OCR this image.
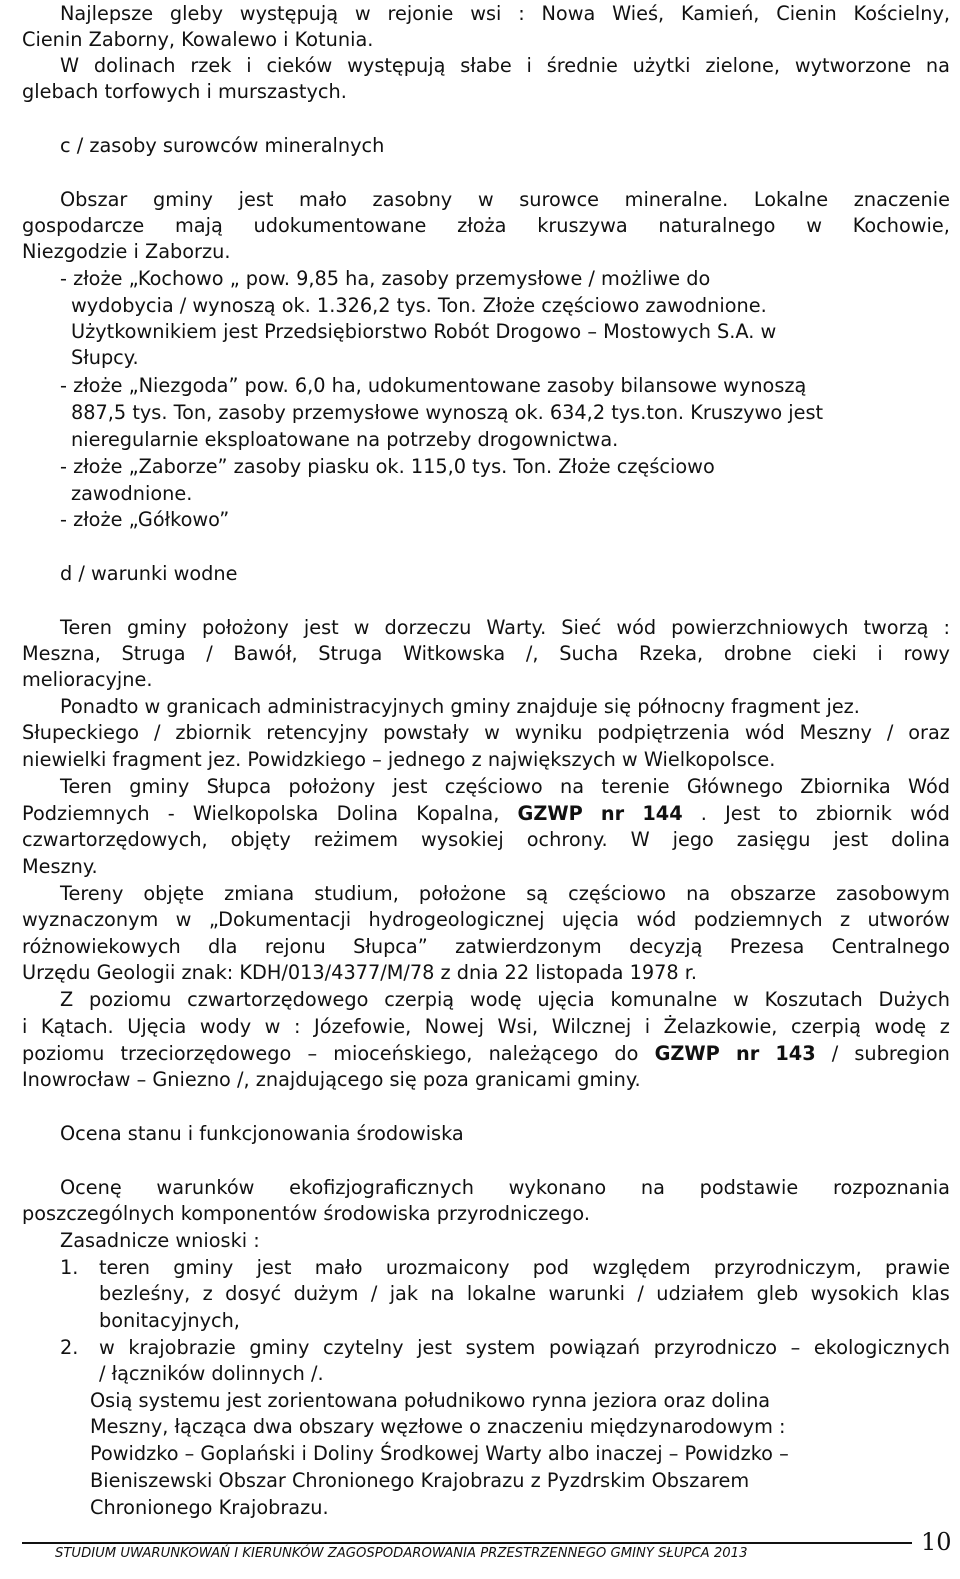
Najlepsze gleby występują w rejonie wsi : Nowa Wieś, Kamień, Cienin Kościelny,
Cienin Zaborny, Kowalewo i Kotunia.
W dolinach rzek i cieków występują słabe i średnie użytki zielone, wytworzone na
glebach torfowych i murszastych.
c / zasoby surowców mineralnych
Obszar gminy jest mało zasobny w surowce mineralne. Lokalne znaczenie
gospodarcze mają udokumentowane złoża kruszywa naturalnego w Kochowie,
Niezgodzie i Zaborzu.
- złoże „Kochowo „ pow. 9,85 ha, zasoby przemysłowe / możliwe do
wydobycia / wynoszą ok. 1.326,2 tys. Ton. Złoże częściowo zawodnione.
Użytkownikiem jest Przedsiębiorstwo Robót Drogowo – Mostowych S.A. w
Słupcy.
- złoże „Niezgoda” pow. 6,0 ha, udokumentowane zasoby bilansowe wynoszą
887,5 tys. Ton, zasoby przemysłowe wynoszą ok. 634,2 tys.ton. Kruszywo jest
nieregularnie eksploatowane na potrzeby drogownictwa.
- złoże „Zaborze” zasoby piasku ok. 115,0 tys. Ton. Złoże częściowo
zawodnione.
- złoże „Gółkowo”
d / warunki wodne
Teren gminy położony jest w dorzeczu Warty. Sieć wód powierzchniowych tworzą :
Meszna, Struga / Bawół, Struga Witkowska /, Sucha Rzeka, drobne cieki i rowy
melioracyjne.
Ponadto w granicach administracyjnych gminy znajduje się północny fragment jez.
Słupeckiego / zbiornik retencyjny powstały w wyniku podpiętrzenia wód Meszny / oraz
niewielki fragment jez. Powidzkiego – jednego z największych w Wielkopolsce.
Teren gminy Słupca położony jest częściowo na terenie Głównego Zbiornika Wód
Podziemnych - Wielkopolska Dolina Kopalna, GZWP nr 144 . Jest to zbiornik wód
czwartorzędowych, objęty reżimem wysokiej ochrony. W jego zasięgu jest dolina
Meszny.
Tereny objęte zmiana studium, położone są częściowo na obszarze zasobowym
wyznaczonym w „Dokumentacji hydrogeologicznej ujęcia wód podziemnych z utworów
różnowiekowych dla rejonu Słupca” zatwierdzonym decyzją Prezesa Centralnego
Urzędu Geologii znak: KDH/013/4377/M/78 z dnia 22 listopada 1978 r.
Z poziomu czwartorzędowego czerpią wodę ujęcia komunalne w Koszutach Dużych
i Kątach. Ujęcia wody w : Józefowie, Nowej Wsi, Wilcznej i Żelazkowie, czerpią wodę z
poziomu trzeciorzędowego – mioceńskiego, należącego do GZWP nr 143 / subregion
Inowrocław – Gniezno /, znajdującego się poza granicami gminy.
Ocena stanu i funkcjonowania środowiska
Ocenę warunków ekofizjograficznych wykonano na podstawie rozpoznania
poszczególnych komponentów środowiska przyrodniczego.
Zasadnicze wnioski :
1. teren gminy jest mało urozmaicony pod względem przyrodniczym, prawie
bezleśny, z dosyć dużym / jak na lokalne warunki / udziałem gleb wysokich klas
bonitacyjnych,
2. w krajobrazie gminy czytelny jest system powiązań przyrodniczo – ekologicznych
/ łączników dolinnych /.
Osią systemu jest zorientowana południkowo rynna jeziora oraz dolina
Meszny, łącząca dwa obszary węzłowe o znaczeniu międzynarodowym :
Powidzko – Goplański i Doliny Środkowej Warty albo inaczej – Powidzko –
Bieniszewski Obszar Chronionego Krajobrazu z Pyzdrskim Obszarem
Chronionego Krajobrazu.
STUDIUM UWARUNKOWAŃ I KIERUNKÓW ZAGOSPODAROWANIA PRZESTRZENNEGO GMINY SŁUPCA 2013	10
